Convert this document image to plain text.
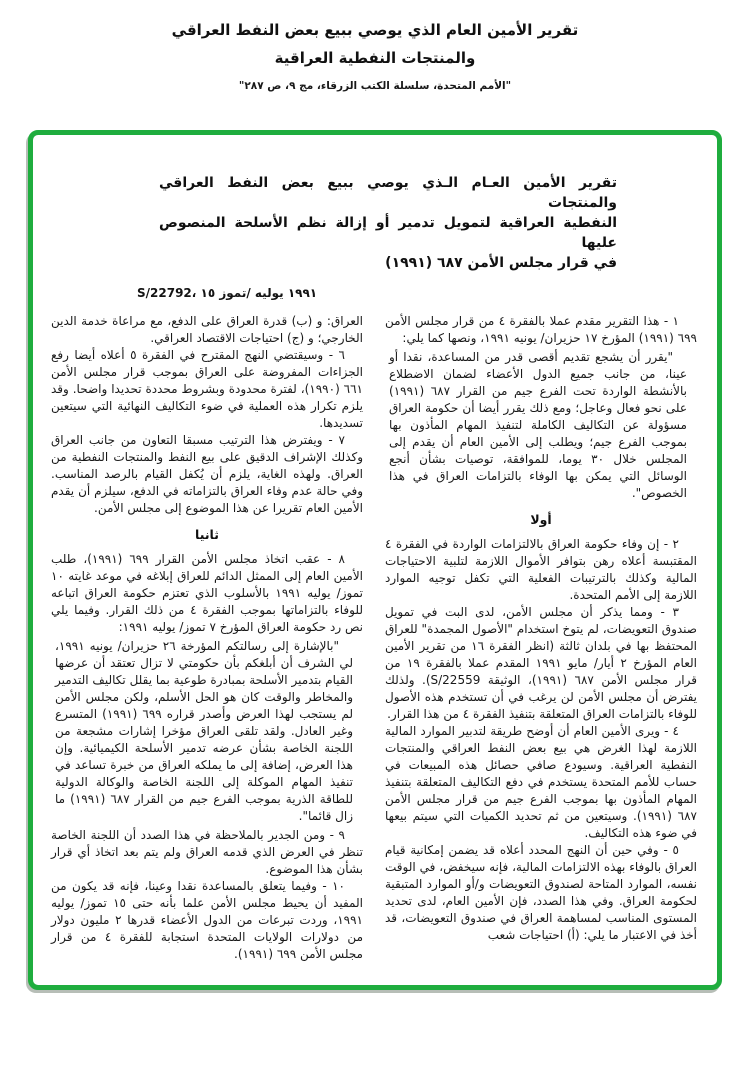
تقرير الأمين العام الذي يوصي ببيع بعض النفط العراقي
والمنتجات النفطية العراقية
"الأمم المتحدة، سلسلة الكتب الزرقاء، مج ٩، ص ٢٨٧"
تقرير الأمين العـام الـذي يوصي ببيع بعض النفط العراقي والمنتجات
النفطية العراقية لتمويل تدمير أو إزالة نظم الأسلحة المنصوص عليها
في قرار مجلس الأمن ٦٨٧ (١٩٩١)
S/22792، ١٥‎ تموز‎/ يوليه‎ ١٩٩١

١ - هذا التقرير مقدم عملا بالفقرة ٤ من قرار مجلس الأمن ٦٩٩ (١٩٩١) المؤرخ ١٧ حزيران/ يونيه ١٩٩١، ونصها كما يلي:

"يقرر أن يشجع تقديم أقصى قدر من المساعدة، نقدا أو عينا، من جانب جميع الدول الأعضاء لضمان الاضطلاع بالأنشطة الواردة تحت الفرع جيم من القرار ٦٨٧ (١٩٩١) على نحو فعال وعاجل؛ ومع ذلك يقرر أيضا أن حكومة العراق مسؤولة عن التكاليف الكاملة لتنفيذ المهام المأذون بها بموجب الفرع جيم؛ ويطلب إلى الأمين العام أن يقدم إلى المجلس خلال ٣٠ يوما، للموافقة، توصيات بشأن أنجع الوسائل التي يمكن بها الوفاء بالتزامات العراق في هذا الخصوص".

أولا

٢ - إن وفاء حكومة العراق بالالتزامات الواردة في الفقرة ٤ المقتبسة أعلاه رهن بتوافر الأموال اللازمة لتلبية الاحتياجات المالية وكذلك بالترتيبات الفعلية التي تكفل توجيه الموارد اللازمة إلى الأمم المتحدة.

٣ - ومما يذكر أن مجلس الأمن، لدى البت في تمويل صندوق التعويضات، لم يتوخ استخدام "الأصول المجمدة" للعراق المحتفظ بها في بلدان ثالثة (انظر الفقرة ١٦ من تقرير الأمين العام المؤرخ ٢ أيار/ مايو ١٩٩١ المقدم عملا بالفقرة ١٩ من قرار مجلس الأمن ٦٨٧ (١٩٩١)، الوثيقة S/22559). ولذلك يفترض أن مجلس الأمن لن يرغب في أن تستخدم هذه الأصول للوفاء بالتزامات العراق المتعلقة بتنفيذ الفقرة ٤ من هذا القرار.

٤ - ويرى الأمين العام أن أوضح طريقة لتدبير الموارد المالية اللازمة لهذا الغرض هي بيع بعض النفط العراقي والمنتجات النفطية العراقية. وسيودع صافي حصائل هذه المبيعات في حساب للأمم المتحدة يستخدم في دفع التكاليف المتعلقة بتنفيذ المهام المأذون بها بموجب الفرع جيم من قرار مجلس الأمن ٦٨٧ (١٩٩١). وسيتعين من ثم تحديد الكميات التي سيتم بيعها في ضوء هذه التكاليف.

٥ - وفي حين أن النهج المحدد أعلاه قد يضمن إمكانية قيام العراق بالوفاء بهذه الالتزامات المالية، فإنه سيخفض، في الوقت نفسه، الموارد المتاحة لصندوق التعويضات و/أو الموارد المتبقية لحكومة العراق. وفي هذا الصدد، فإن الأمين العام، لدى تحديد المستوى المناسب لمساهمة العراق في صندوق التعويضات، قد أخذ في الاعتبار ما يلي: (أ) احتياجات شعب

العراق: و (ب) قدرة العراق على الدفع، مع مراعاة خدمة الدين الخارجي؛ و (ج) احتياجات الاقتصاد العراقي.

٦ - وسيقتضي النهج المقترح في الفقرة ٥ أعلاه أيضا رفع الجزاءات المفروضة على العراق بموجب قرار مجلس الأمن ٦٦١ (١٩٩٠)، لفترة محدودة وبشروط محددة تحديدا واضحا. وقد يلزم تكرار هذه العملية في ضوء التكاليف النهائية التي سيتعين تسديدها.

٧ - ويفترض هذا الترتيب مسبقا التعاون من جانب العراق وكذلك الإشراف الدقيق على بيع النفط والمنتجات النفطية من العراق. ولهذه الغاية، يلزم أن يُكفل القيام بالرصد المناسب. وفي حالة عدم وفاء العراق بالتزاماته في الدفع، سيلزم أن يقدم الأمين العام تقريرا عن هذا الموضوع إلى مجلس الأمن.

ثانيا

٨ - عقب اتخاذ مجلس الأمن القرار ٦٩٩ (١٩٩١)، طلب الأمين العام إلى الممثل الدائم للعراق إبلاغه في موعد غايته ١٠ تموز/ يوليه ١٩٩١ بالأسلوب الذي تعتزم حكومة العراق اتباعه للوفاء بالتزاماتها بموجب الفقرة ٤ من ذلك القرار. وفيما يلي نص رد حكومة العراق المؤرخ ٧ تموز/ يوليه ١٩٩١:

"بالإشارة إلى رسالتكم المؤرخة ٢٦ حزيران/ يونيه ١٩٩١، لي الشرف أن أبلغكم بأن حكومتي لا تزال تعتقد أن عرضها القيام بتدمير الأسلحة بمبادرة طوعية بما يقلل تكاليف التدمير والمخاطر والوقت كان هو الحل الأسلم، ولكن مجلس الأمن لم يستجب لهذا العرض وأصدر قراره ٦٩٩ (١٩٩١) المتسرع وغير العادل. ولقد تلقى العراق مؤخرا إشارات مشجعة من اللجنة الخاصة بشأن عرضه تدمير الأسلحة الكيميائية. وإن هذا العرض، إضافة إلى ما يملكه العراق من خبرة تساعد في تنفيذ المهام الموكلة إلى اللجنة الخاصة والوكالة الدولية للطاقة الذرية بموجب الفرع جيم من القرار ٦٨٧ (١٩٩١) ما زال قائما".

٩ - ومن الجدير بالملاحظة في هذا الصدد أن اللجنة الخاصة تنظر في العرض الذي قدمه العراق ولم يتم بعد اتخاذ أي قرار بشأن هذا الموضوع.

١٠ - وفيما يتعلق بالمساعدة نقدا وعينا، فإنه قد يكون من المفيد أن يحيط مجلس الأمن علما بأنه حتى ١٥ تموز/ يوليه ١٩٩١، وردت تبرعات من الدول الأعضاء قدرها ٢ مليون دولار من دولارات الولايات المتحدة استجابة للفقرة ٤ من قرار مجلس الأمن ٦٩٩ (١٩٩١).
